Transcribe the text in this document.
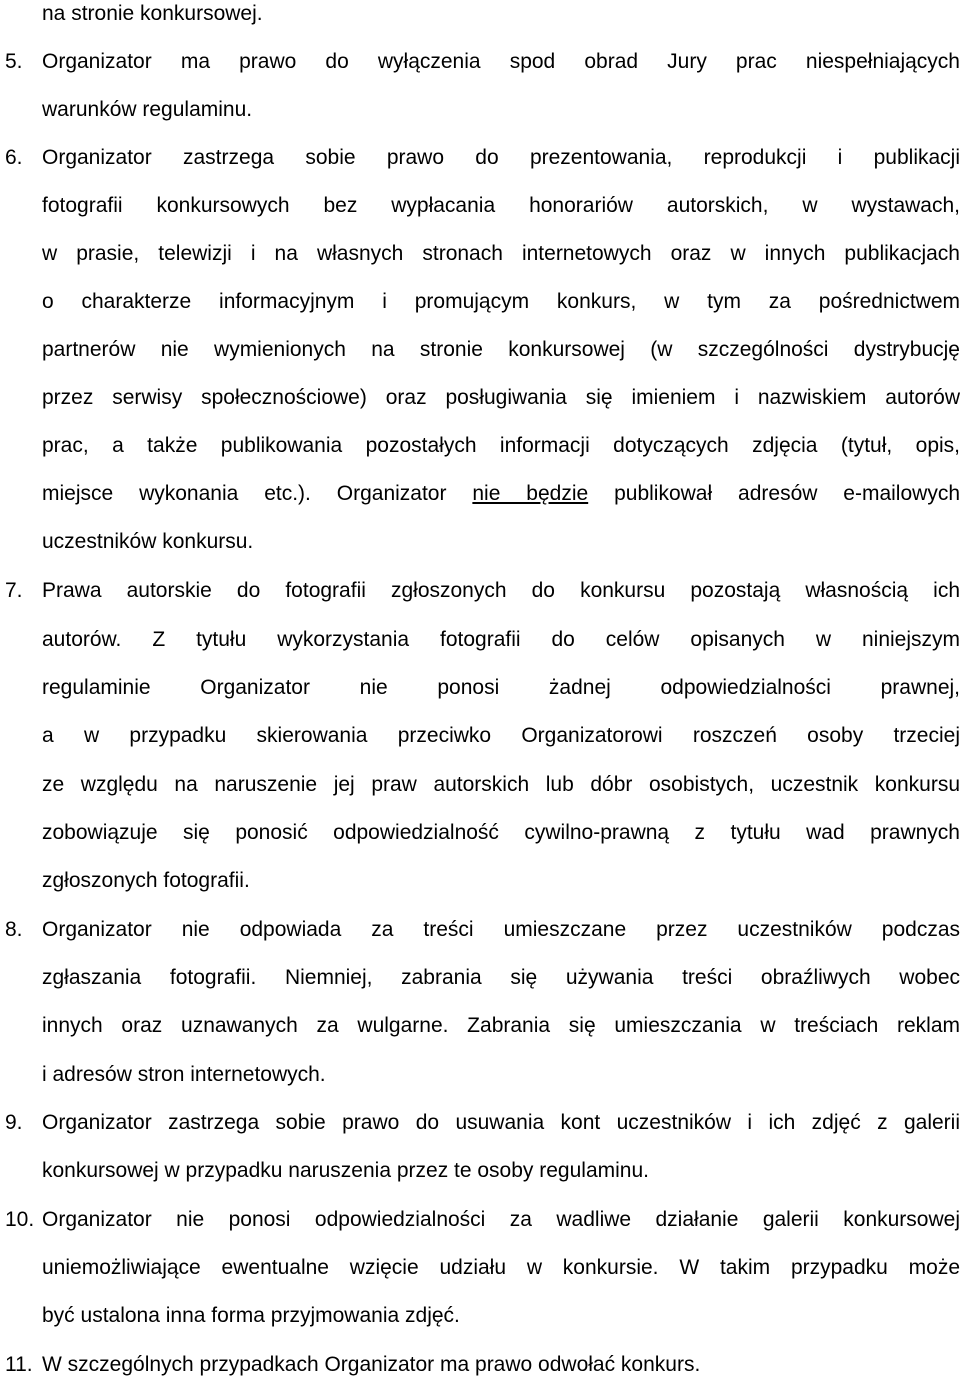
na stronie konkursowej.
5. Organizator ma prawo do wyłączenia spod obrad Jury prac niespełniających
warunków regulaminu.
6. Organizator zastrzega sobie prawo do prezentowania, reprodukcji i publikacji
fotografii konkursowych bez wypłacania honorariów autorskich, w wystawach,
w prasie, telewizji i na własnych stronach internetowych oraz w innych publikacjach
o charakterze informacyjnym i promującym konkurs, w tym za pośrednictwem
partnerów nie wymienionych na stronie konkursowej (w szczególności dystrybucję
przez serwisy społecznościowe) oraz posługiwania się imieniem i nazwiskiem autorów
prac, a także publikowania pozostałych informacji dotyczących zdjęcia (tytuł, opis,
miejsce wykonania etc.). Organizator nie będzie publikował adresów e-mailowych
uczestników konkursu.
7. Prawa autorskie do fotografii zgłoszonych do konkursu pozostają własnością ich
autorów. Z tytułu wykorzystania fotografii do celów opisanych w niniejszym
regulaminie Organizator nie ponosi żadnej odpowiedzialności prawnej,
a w przypadku skierowania przeciwko Organizatorowi roszczeń osoby trzeciej
ze względu na naruszenie jej praw autorskich lub dóbr osobistych, uczestnik konkursu
zobowiązuje się ponosić odpowiedzialność cywilno-prawną z tytułu wad prawnych
zgłoszonych fotografii.
8. Organizator nie odpowiada za treści umieszczane przez uczestników podczas
zgłaszania fotografii. Niemniej, zabrania się używania treści obraźliwych wobec
innych oraz uznawanych za wulgarne. Zabrania się umieszczania w treściach reklam
i adresów stron internetowych.
9. Organizator zastrzega sobie prawo do usuwania kont uczestników i ich zdjęć z galerii
konkursowej w przypadku naruszenia przez te osoby regulaminu.
10. Organizator nie ponosi odpowiedzialności za wadliwe działanie galerii konkursowej
uniemożliwiające ewentualne wzięcie udziału w konkursie. W takim przypadku może
być ustalona inna forma przyjmowania zdjęć.
11. W szczególnych przypadkach Organizator ma prawo odwołać konkurs.
